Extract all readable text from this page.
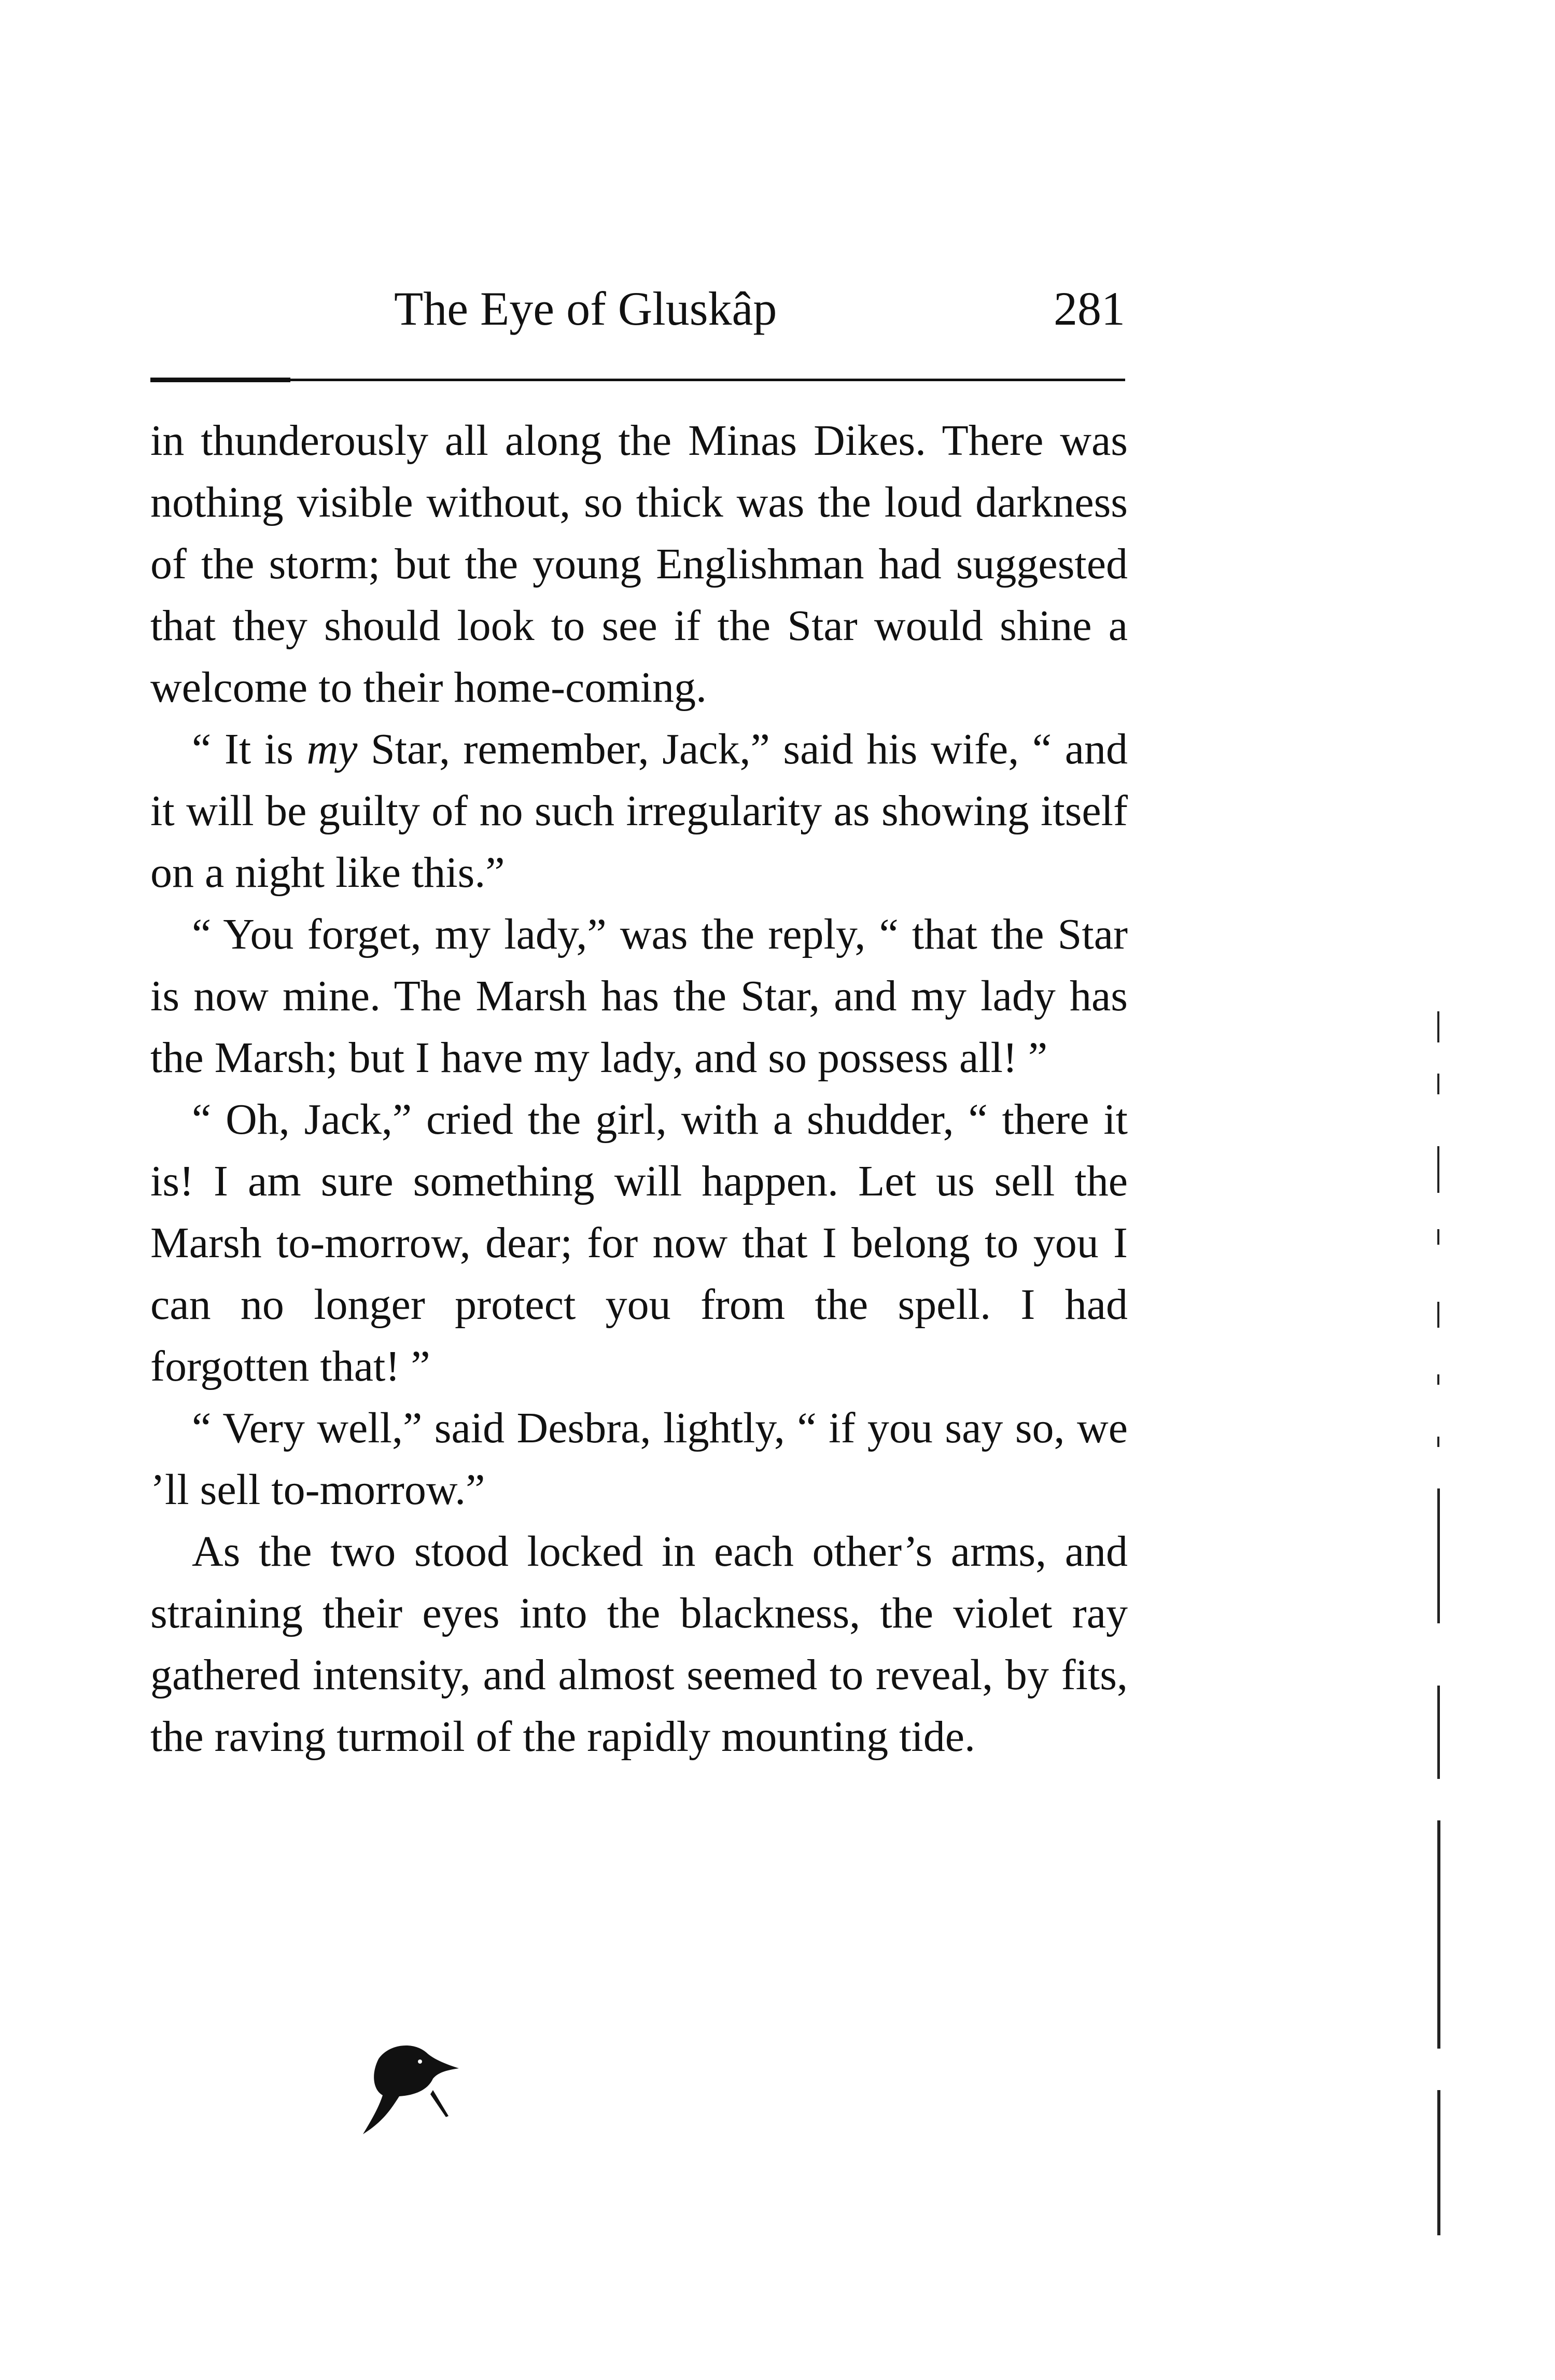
The Eye of Gluskâp	281

in thunderously all along the Minas Dikes. There was nothing visible without, so thick was the loud darkness of the storm; but the young Englishman had suggested that they should look to see if the Star would shine a welcome to their home-coming.

“ It is my Star, remember, Jack,” said his wife, “ and it will be guilty of no such irregularity as showing itself on a night like this.”

“ You forget, my lady,” was the reply, “ that the Star is now mine. The Marsh has the Star, and my lady has the Marsh; but I have my lady, and so possess all! ”

“ Oh, Jack,” cried the girl, with a shudder, “ there it is! I am sure something will happen. Let us sell the Marsh to-morrow, dear; for now that I belong to you I can no longer protect you from the spell. I had forgotten that! ”

“ Very well,” said Desbra, lightly, “ if you say so, we ’ll sell to-morrow.”

As the two stood locked in each other’s arms, and straining their eyes into the blackness, the violet ray gathered intensity, and almost seemed to reveal, by fits, the raving turmoil of the rapidly mounting tide.
